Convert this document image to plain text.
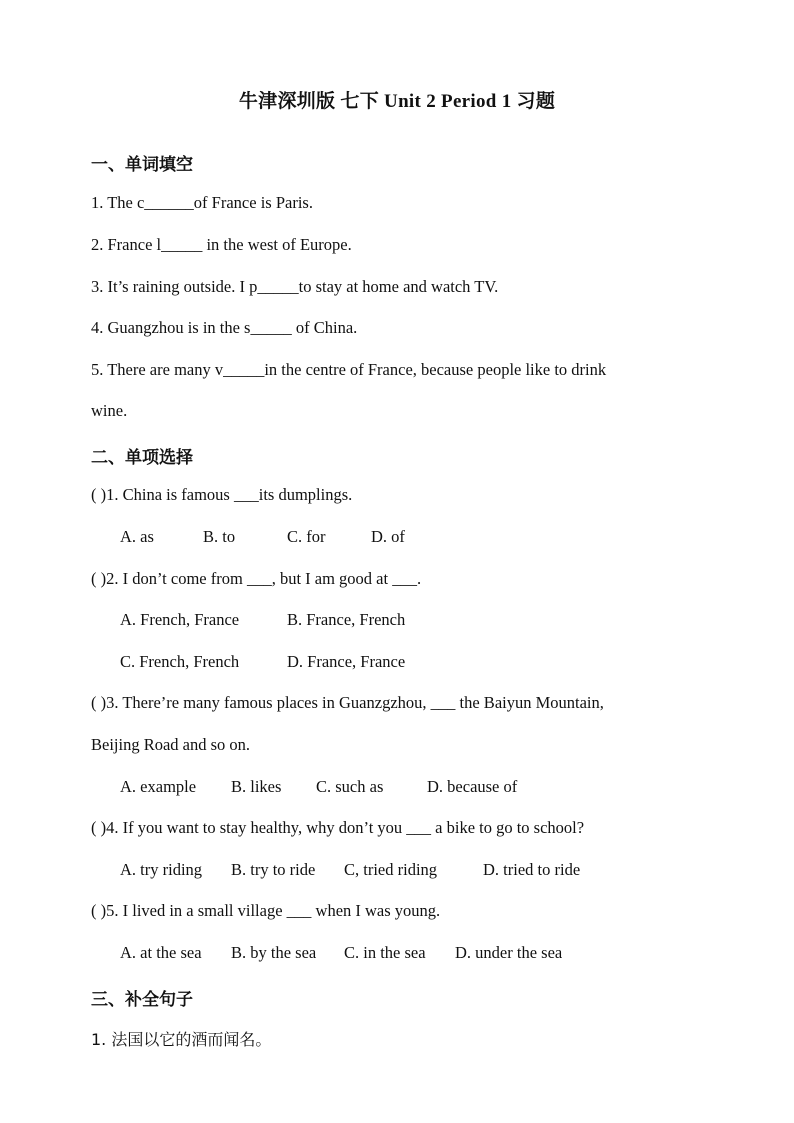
牛津深圳版 七下 Unit 2 Period 1 习题
一、单词填空
1. The c______of France is Paris.
2. France l_____ in the west of Europe.
3. It’s raining outside. I p_____to stay at home and watch TV.
4. Guangzhou is in the s_____ of China.
5. There are many v_____in the centre of France, because people like to drink
wine.
二、单项选择
( )1. China is famous ___its dumplings.
A. as	B. to	C. for	D. of
( )2. I don’t come from ___, but I am good at ___.
A. French, France	B. France, French
C. French, French	D. France, France
( )3. There’re many famous places in Guanzgzhou, ___ the Baiyun Mountain,
Beijing Road and so on.
A. example B. likes C. such as	D. because of
( )4. If you want to stay healthy, why don’t you ___ a bike to go to school?
A. try riding B. try to ride C, tried riding	D. tried to ride
( )5. I lived in a small village ___ when I was young.
A. at the sea B. by the sea C. in the sea D. under the sea
三、补全句子
1. 法国以它的酒而闻名。
